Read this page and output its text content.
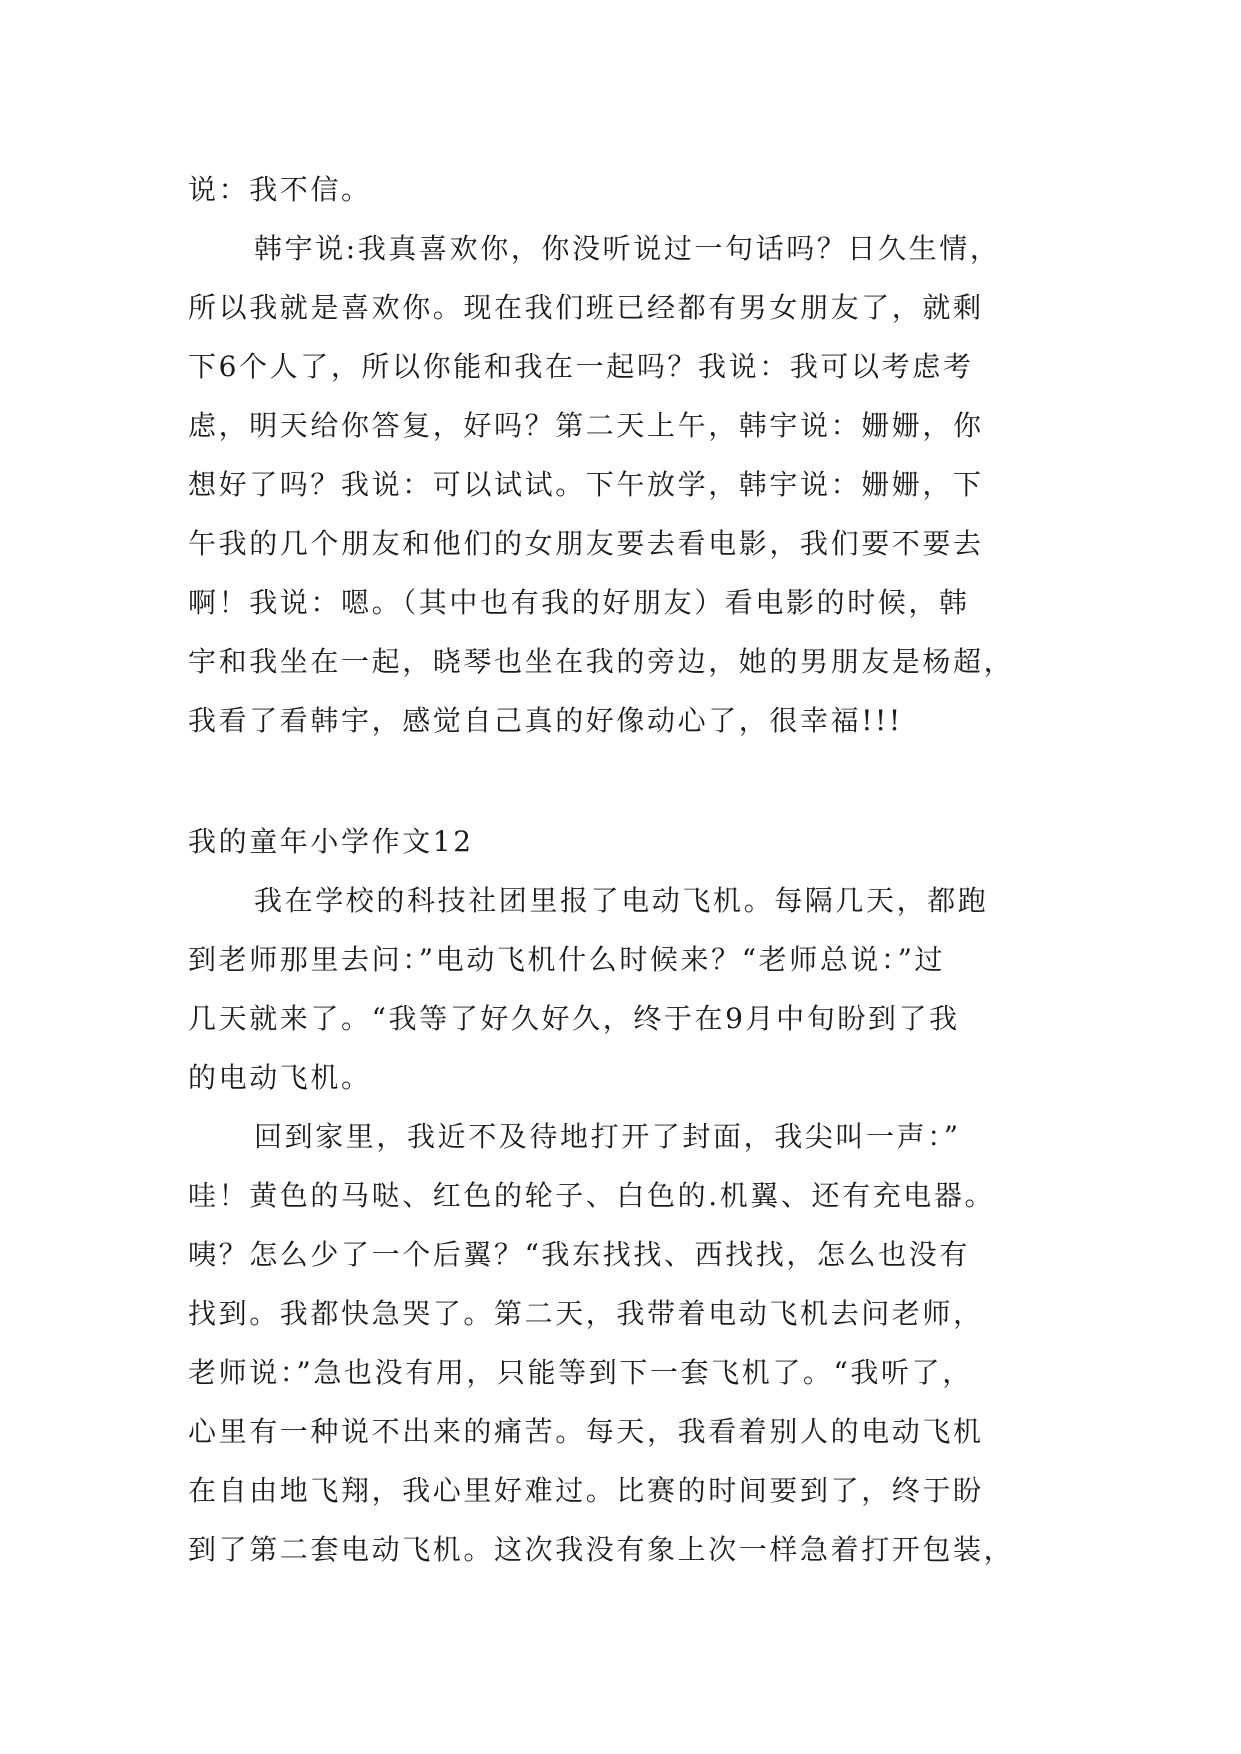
说：我不信。
韩宇说:我真喜欢你，你没听说过一句话吗？日久生情，
所以我就是喜欢你。现在我们班已经都有男女朋友了，就剩
下6个人了，所以你能和我在一起吗？我说：我可以考虑考
虑，明天给你答复，好吗？第二天上午，韩宇说：姗姗，你
想好了吗？我说：可以试试。下午放学，韩宇说：姗姗，下
午我的几个朋友和他们的女朋友要去看电影，我们要不要去
啊！我说：嗯。（其中也有我的好朋友）看电影的时候，韩
宇和我坐在一起，晓琴也坐在我的旁边，她的男朋友是杨超，
我看了看韩宇，感觉自己真的好像动心了，很幸福!!!
我的童年小学作文12
我在学校的科技社团里报了电动飞机。每隔几天，都跑
到老师那里去问：”电动飞机什么时候来？“老师总说：”过
几天就来了。“我等了好久好久，终于在9月中旬盼到了我
的电动飞机。
回到家里，我近不及待地打开了封面，我尖叫一声：”
哇！黄色的马哒、红色的轮子、白色的.机翼、还有充电器。
咦？怎么少了一个后翼？“我东找找、西找找，怎么也没有
找到。我都快急哭了。第二天，我带着电动飞机去问老师，
老师说：”急也没有用，只能等到下一套飞机了。“我听了，
心里有一种说不出来的痛苦。每天，我看着别人的电动飞机
在自由地飞翔，我心里好难过。比赛的时间要到了，终于盼
到了第二套电动飞机。这次我没有象上次一样急着打开包装，
